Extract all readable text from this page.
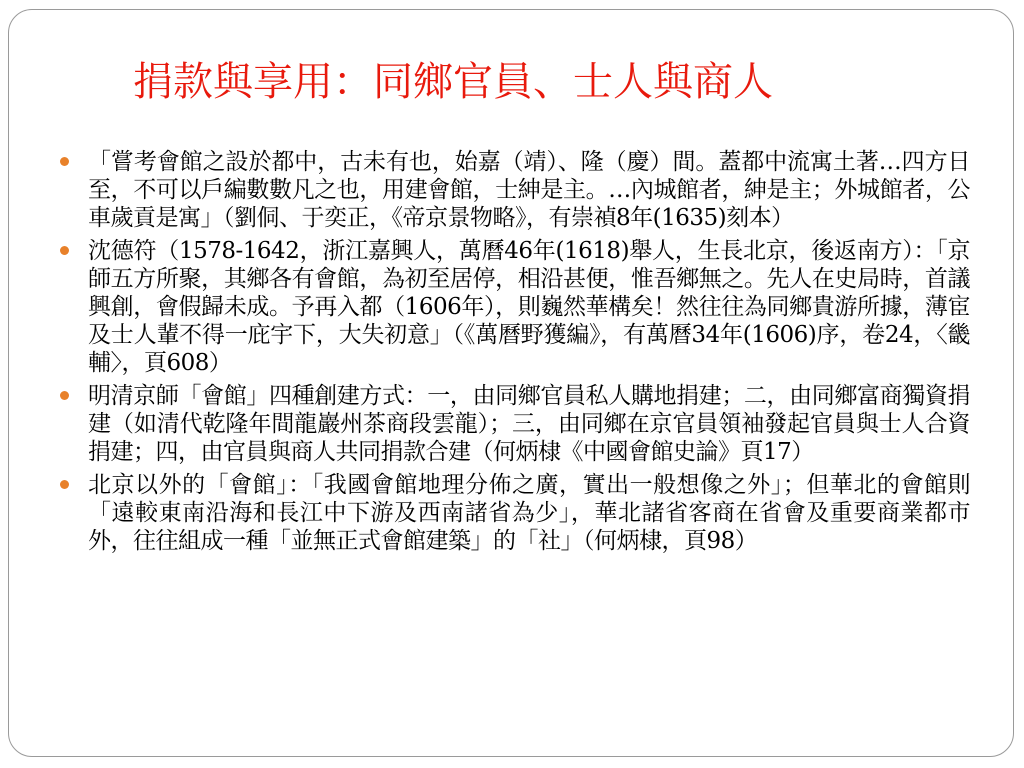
捐款與享用：同鄉官員、士人與商人
「嘗考會館之設於都中，古未有也，始嘉（靖）、隆（慶）間。蓋都中流寓土著…四方日至，不可以戶編數數凡之也，用建會館，士紳是主。…內城館者，紳是主；外城館者，公車歲貢是寓」（劉侗、于奕正，《帝京景物略》，有崇禎8年(1635)刻本）
沈德符（1578-1642，浙江嘉興人，萬曆46年(1618)舉人，生長北京，後返南方）：「京師五方所聚，其鄉各有會館，為初至居停，相沿甚便，惟吾鄉無之。先人在史局時，首議興創，會假歸未成。予再入都（1606年），則巍然華構矣！然往往為同鄉貴游所據，薄宦及士人輩不得一庇宇下，大失初意」（《萬曆野獲編》，有萬曆34年(1606)序，卷24，〈畿輔〉，頁608）
明清京師「會館」四種創建方式：一，由同鄉官員私人購地捐建；二，由同鄉富商獨資捐建（如清代乾隆年間龍巖州茶商段雲龍）；三，由同鄉在京官員領袖發起官員與士人合資捐建；四，由官員與商人共同捐款合建（何炳棣《中國會館史論》頁17）
北京以外的「會館」：「我國會館地理分佈之廣，實出一般想像之外」；但華北的會館則「遠較東南沿海和長江中下游及西南諸省為少」，華北諸省客商在省會及重要商業都市外，往往組成一種「並無正式會館建築」的「社」（何炳棣，頁98）
